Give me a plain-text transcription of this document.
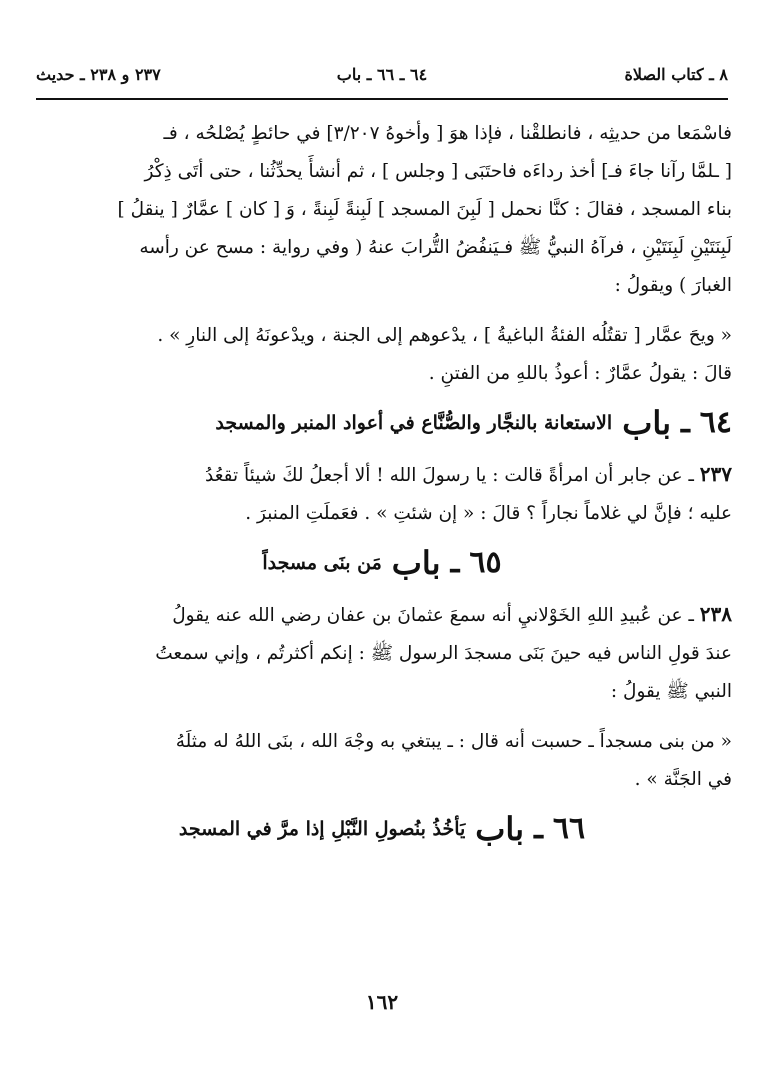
٨ ـ كتاب الصلاة
٦٤ ـ ٦٦ ـ باب
٢٣٧ و ٢٣٨ ـ حديث
فاسْمَعا من حديثِه ، فانطلقْنا ، فإذا هوَ [ وأخوهُ ٣/٢٠٧] في حائطٍ يُصْلحُه ، فـ
[ ـلمَّا رآنا جاءَ فـ] أخذ رداءَه فاحتَبَى [ وجلس ] ، ثم أنشأَ يحدِّثُنا ، حتى أتَى ذِكْرُ
بناء المسجد ، فقالَ : كنَّا نحمل [ لَبِنَ المسجد ] لَبِنةً لَبِنةً ، وَ [ كان ] عمَّارٌ [ ينقلُ ]
لَبِنَتَيْنِ لَبِنَتَيْنِ ، فرآهُ النبيُّ ﷺ فـيَنفُضُ التُّرابَ عنهُ ( وفي رواية : مسح عن رأسه
الغبارَ ) ويقولُ :
« ويحَ عمَّار [ تقتُلُه الفئةُ الباغيةُ ] ، يدْعوهم إلى الجنة ، ويدْعونَهُ إلى النارِ » .
قالَ : يقولُ عمَّارٌ : أعوذُ باللهِ من الفتنِ .
٦٤
ـ
باب
الاستعانة بالنجَّار والصُّنَّاع في أعواد المنبر والمسجد
٢٣٧ ـ عن جابر أن امرأةً قالت : يا رسولَ الله ! ألا أجعلُ لكَ شيئاً تقعُدُ
عليه ؛ فإنَّ لي غلاماً نجاراً ؟ قالَ : « إن شئتِ » . فعَملَتِ المنبرَ .
٦٥
ـ
باب
مَن بنَى مسجداً
٢٣٨ ـ عن عُبيدِ اللهِ الخَوْلانيِ أنه سمعَ عثمانَ بن عفان رضي الله عنه يقولُ
عندَ قولِ الناس فيه حينَ بَنَى مسجدَ الرسول ﷺ : إنكم أكثرتُم ، وإني سمعتُ
النبي ﷺ يقولُ :
« من بنى مسجداً ـ حسبت أنه قال : ـ يبتغي به وجْهَ الله ، بنَى اللهُ له مثلَهُ
في الجَنَّة » .
٦٦
ـ
باب
يَأخُذُ بنُصولِ النَّبْلِ إذا مرَّ في المسجد
١٦٢
